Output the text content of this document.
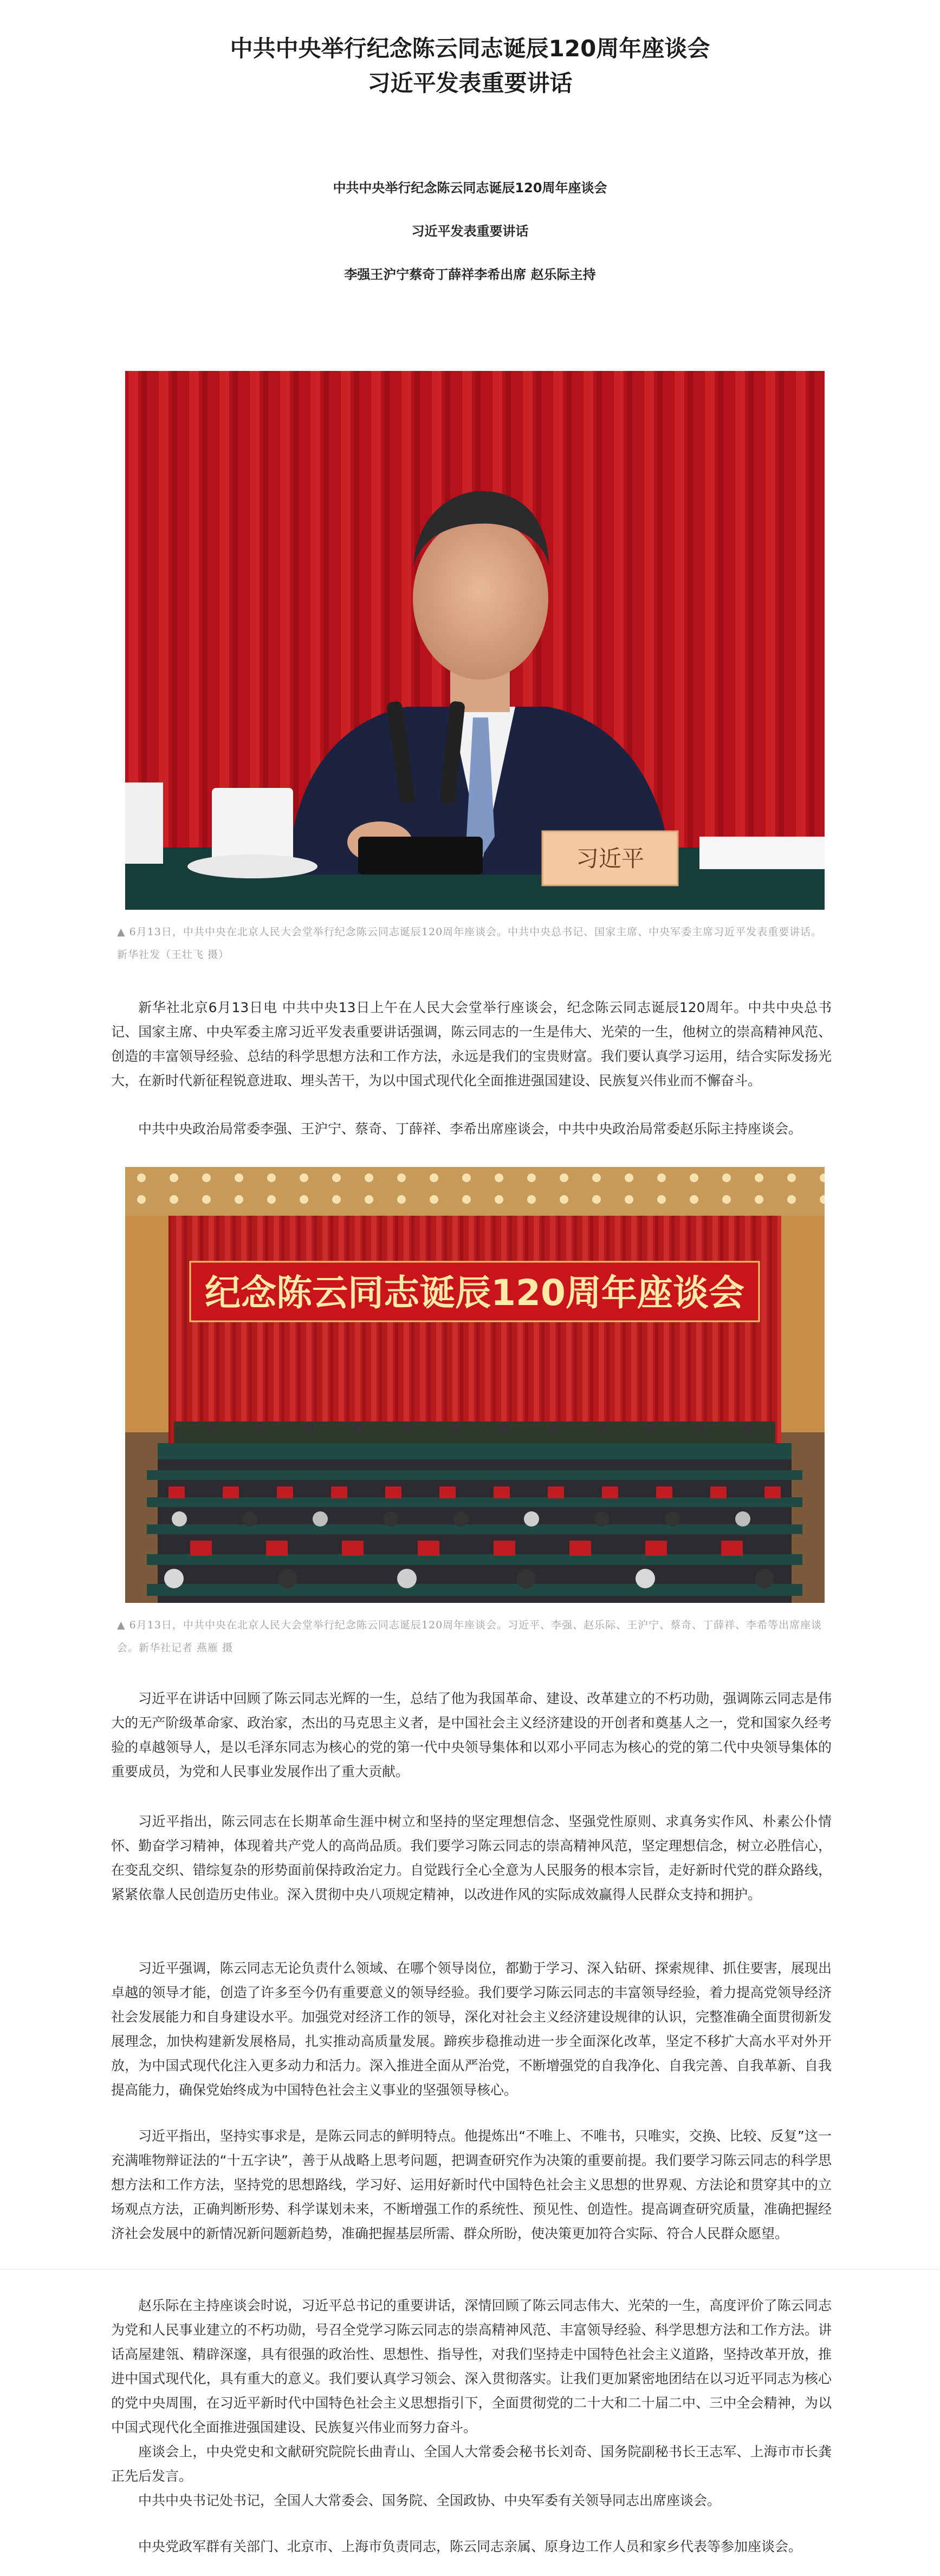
中共中央举行纪念陈云同志诞辰120周年座谈会
习近平发表重要讲话
中共中央举行纪念陈云同志诞辰120周年座谈会
习近平发表重要讲话
李强王沪宁蔡奇丁薛祥李希出席 赵乐际主持
习近平
▲ 6月13日，中共中央在北京人民大会堂举行纪念陈云同志诞辰120周年座谈会。中共中央总书记、国家主席、中央军委主席习近平发表重要讲话。新华社发（王壮飞 摄）

新华社北京6月13日电 中共中央13日上午在人民大会堂举行座谈会，纪念陈云同志诞辰120周年。中共中央总书记、国家主席、中央军委主席习近平发表重要讲话强调，陈云同志的一生是伟大、光荣的一生，他树立的崇高精神风范、创造的丰富领导经验、总结的科学思想方法和工作方法，永远是我们的宝贵财富。我们要认真学习运用，结合实际发扬光大，在新时代新征程锐意进取、埋头苦干，为以中国式现代化全面推进强国建设、民族复兴伟业而不懈奋斗。

中共中央政治局常委李强、王沪宁、蔡奇、丁薛祥、李希出席座谈会，中共中央政治局常委赵乐际主持座谈会。

纪念陈云同志诞辰120周年座谈会
▲ 6月13日，中共中央在北京人民大会堂举行纪念陈云同志诞辰120周年座谈会。习近平、李强、赵乐际、王沪宁、蔡奇、丁薛祥、李希等出席座谈会。新华社记者 燕雁 摄

习近平在讲话中回顾了陈云同志光辉的一生，总结了他为我国革命、建设、改革建立的不朽功勋，强调陈云同志是伟大的无产阶级革命家、政治家，杰出的马克思主义者，是中国社会主义经济建设的开创者和奠基人之一，党和国家久经考验的卓越领导人，是以毛泽东同志为核心的党的第一代中央领导集体和以邓小平同志为核心的党的第二代中央领导集体的重要成员，为党和人民事业发展作出了重大贡献。

习近平指出，陈云同志在长期革命生涯中树立和坚持的坚定理想信念、坚强党性原则、求真务实作风、朴素公仆情怀、勤奋学习精神，体现着共产党人的高尚品质。我们要学习陈云同志的崇高精神风范，坚定理想信念，树立必胜信心，在变乱交织、错综复杂的形势面前保持政治定力。自觉践行全心全意为人民服务的根本宗旨，走好新时代党的群众路线，紧紧依靠人民创造历史伟业。深入贯彻中央八项规定精神，以改进作风的实际成效赢得人民群众支持和拥护。

习近平强调，陈云同志无论负责什么领域、在哪个领导岗位，都勤于学习、深入钻研、探索规律、抓住要害，展现出卓越的领导才能，创造了许多至今仍有重要意义的领导经验。我们要学习陈云同志的丰富领导经验，着力提高党领导经济社会发展能力和自身建设水平。加强党对经济工作的领导，深化对社会主义经济建设规律的认识，完整准确全面贯彻新发展理念，加快构建新发展格局，扎实推动高质量发展。蹄疾步稳推动进一步全面深化改革，坚定不移扩大高水平对外开放，为中国式现代化注入更多动力和活力。深入推进全面从严治党，不断增强党的自我净化、自我完善、自我革新、自我提高能力，确保党始终成为中国特色社会主义事业的坚强领导核心。

习近平指出，坚持实事求是，是陈云同志的鲜明特点。他提炼出“不唯上、不唯书，只唯实，交换、比较、反复”这一充满唯物辩证法的“十五字诀”，善于从战略上思考问题，把调查研究作为决策的重要前提。我们要学习陈云同志的科学思想方法和工作方法，坚持党的思想路线，学习好、运用好新时代中国特色社会主义思想的世界观、方法论和贯穿其中的立场观点方法，正确判断形势、科学谋划未来，不断增强工作的系统性、预见性、创造性。提高调查研究质量，准确把握经济社会发展中的新情况新问题新趋势，准确把握基层所需、群众所盼，使决策更加符合实际、符合人民群众愿望。

赵乐际在主持座谈会时说，习近平总书记的重要讲话，深情回顾了陈云同志伟大、光荣的一生，高度评价了陈云同志为党和人民事业建立的不朽功勋，号召全党学习陈云同志的崇高精神风范、丰富领导经验、科学思想方法和工作方法。讲话高屋建瓴、精辟深邃，具有很强的政治性、思想性、指导性，对我们坚持走中国特色社会主义道路，坚持改革开放，推进中国式现代化，具有重大的意义。我们要认真学习领会、深入贯彻落实。让我们更加紧密地团结在以习近平同志为核心的党中央周围，在习近平新时代中国特色社会主义思想指引下，全面贯彻党的二十大和二十届二中、三中全会精神，为以中国式现代化全面推进强国建设、民族复兴伟业而努力奋斗。

座谈会上，中央党史和文献研究院院长曲青山、全国人大常委会秘书长刘奇、国务院副秘书长王志军、上海市市长龚正先后发言。

中共中央书记处书记，全国人大常委会、国务院、全国政协、中央军委有关领导同志出席座谈会。

中央党政军群有关部门、北京市、上海市负责同志，陈云同志亲属、原身边工作人员和家乡代表等参加座谈会。
